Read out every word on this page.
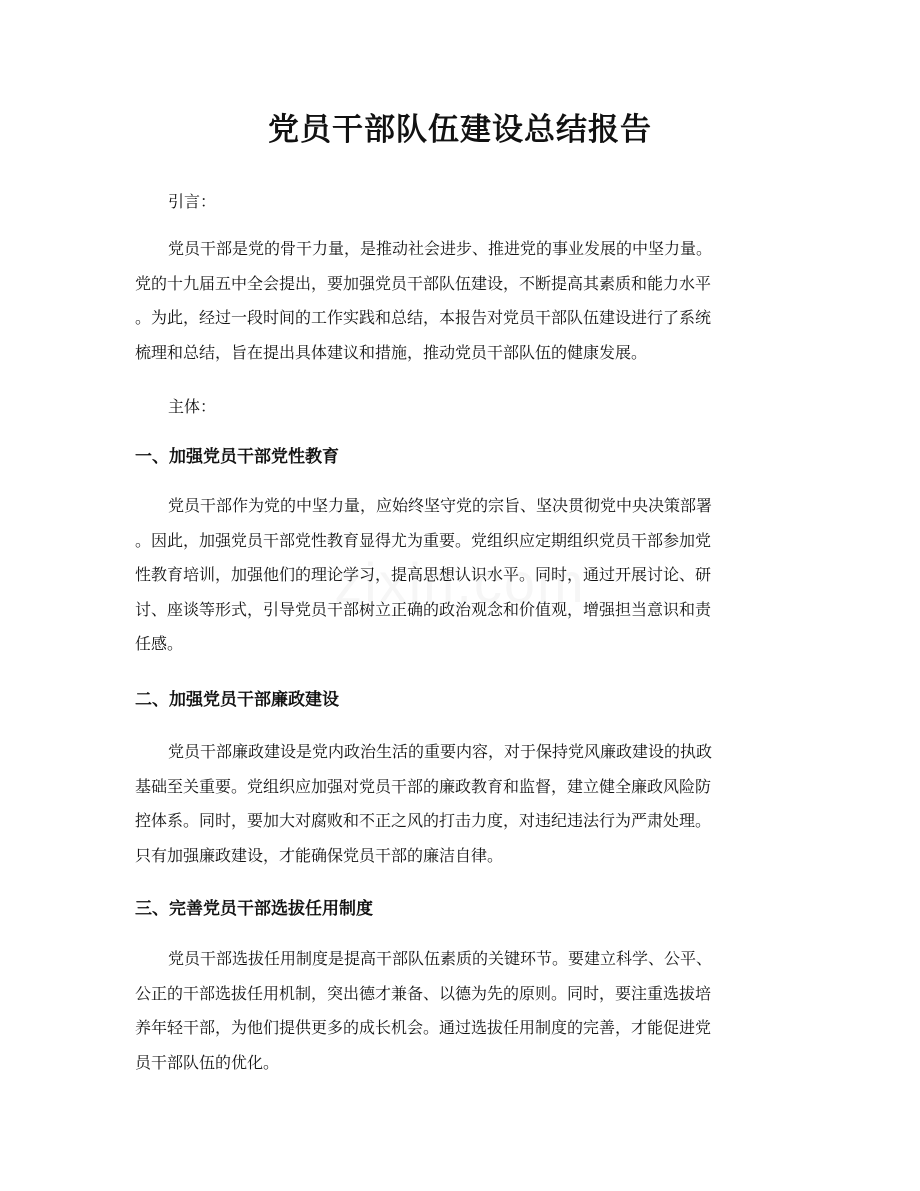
党员干部队伍建设总结报告

引言：

党员干部是党的骨干力量，是推动社会进步、推进党的事业发展的中坚力量。
党的十九届五中全会提出，要加强党员干部队伍建设，不断提高其素质和能力水平
。为此，经过一段时间的工作实践和总结，本报告对党员干部队伍建设进行了系统
梳理和总结，旨在提出具体建议和措施，推动党员干部队伍的健康发展。

主体：

一、加强党员干部党性教育
党员干部作为党的中坚力量，应始终坚守党的宗旨、坚决贯彻党中央决策部署
。因此，加强党员干部党性教育显得尤为重要。党组织应定期组织党员干部参加党
性教育培训，加强他们的理论学习，提高思想认识水平。同时，通过开展讨论、研
讨、座谈等形式，引导党员干部树立正确的政治观念和价值观，增强担当意识和责
任感。
二、加强党员干部廉政建设
党员干部廉政建设是党内政治生活的重要内容，对于保持党风廉政建设的执政
基础至关重要。党组织应加强对党员干部的廉政教育和监督，建立健全廉政风险防
控体系。同时，要加大对腐败和不正之风的打击力度，对违纪违法行为严肃处理。
只有加强廉政建设，才能确保党员干部的廉洁自律。
三、完善党员干部选拔任用制度
党员干部选拔任用制度是提高干部队伍素质的关键环节。要建立科学、公平、
公正的干部选拔任用机制，突出德才兼备、以德为先的原则。同时，要注重选拔培
养年轻干部，为他们提供更多的成长机会。通过选拔任用制度的完善，才能促进党
员干部队伍的优化。
